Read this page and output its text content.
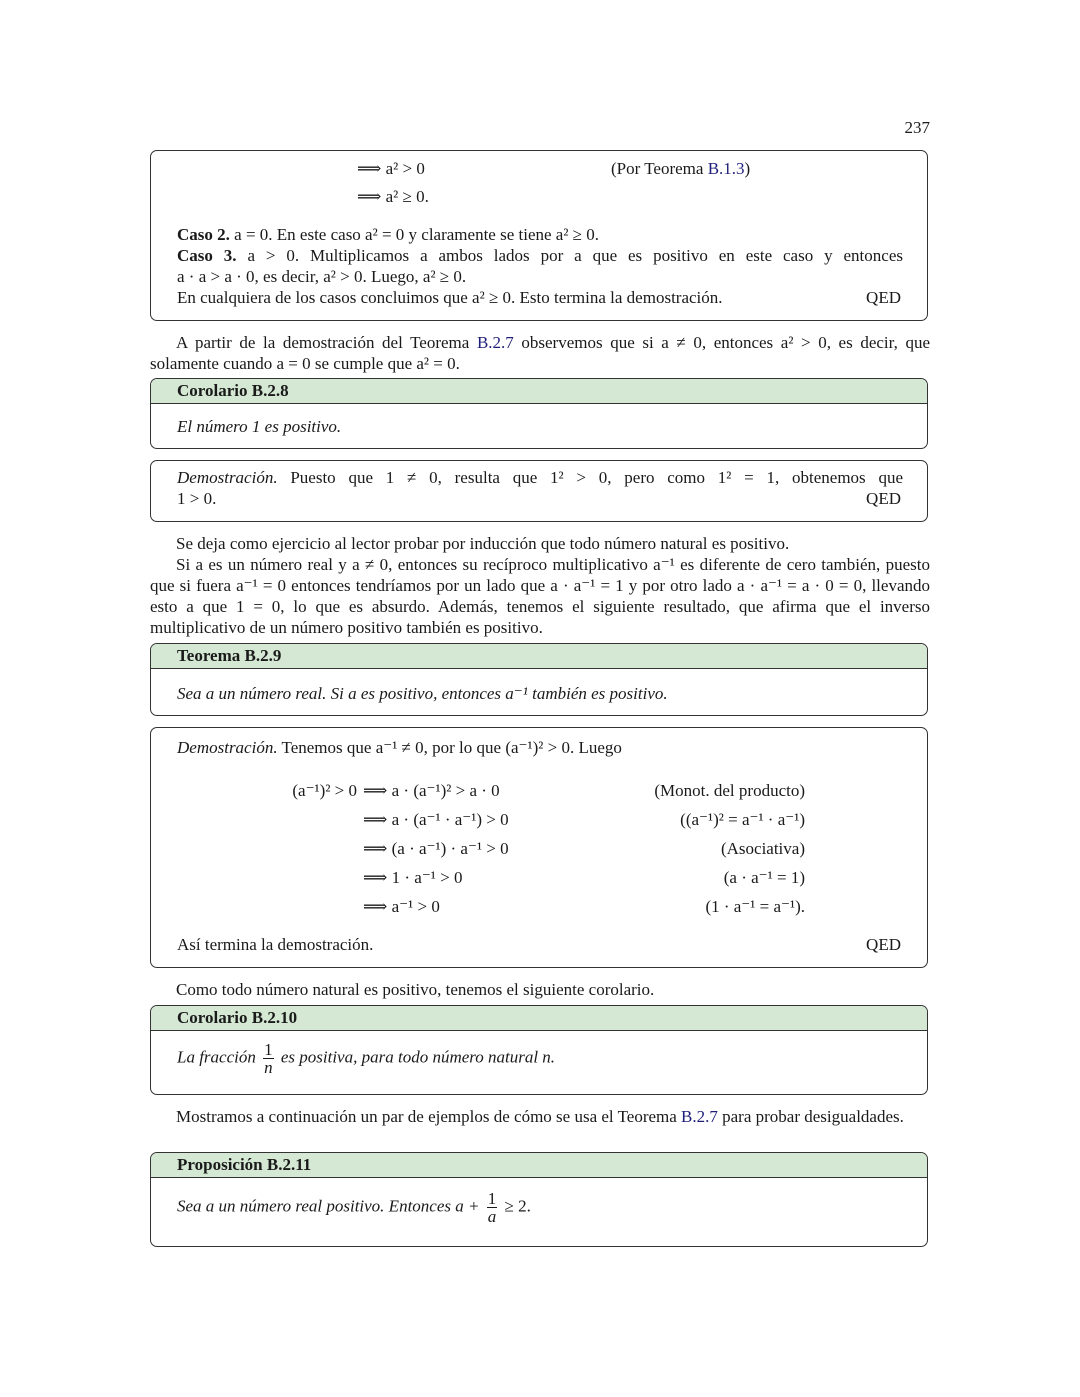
237
⟹ a² > 0	(Por Teorema B.1.3)
⟹ a² ≥ 0.
Caso 2. a = 0. En este caso a² = 0 y claramente se tiene a² ≥ 0.
Caso 3. a > 0. Multiplicamos a ambos lados por a que es positivo en este caso y entonces
a · a > a · 0, es decir, a² > 0. Luego, a² ≥ 0.
En cualquiera de los casos concluimos que a² ≥ 0. Esto termina la demostración.	QED
A partir de la demostración del Teorema B.2.7 observemos que si a ≠ 0, entonces a² > 0, es decir, que solamente cuando a = 0 se cumple que a² = 0.
Corolario B.2.8
El número 1 es positivo.
Demostración. Puesto que 1 ≠ 0, resulta que 1² > 0, pero como 1² = 1, obtenemos que
1 > 0.	QED
Se deja como ejercicio al lector probar por inducción que todo número natural es positivo.
Si a es un número real y a ≠ 0, entonces su recíproco multiplicativo a⁻¹ es diferente de cero también, puesto que si fuera a⁻¹ = 0 entonces tendríamos por un lado que a · a⁻¹ = 1 y por otro lado a · a⁻¹ = a · 0 = 0, llevando esto a que 1 = 0, lo que es absurdo. Además, tenemos el siguiente resultado, que afirma que el inverso multiplicativo de un número positivo también es positivo.
Teorema B.2.9
Sea a un número real. Si a es positivo, entonces a⁻¹ también es positivo.
Demostración. Tenemos que a⁻¹ ≠ 0, por lo que (a⁻¹)² > 0. Luego
(a⁻¹)² > 0 ⟹ a · (a⁻¹)² > a · 0	(Monot. del producto)
⟹ a · (a⁻¹ · a⁻¹) > 0	((a⁻¹)² = a⁻¹ · a⁻¹)
⟹ (a · a⁻¹) · a⁻¹ > 0	(Asociativa)
⟹ 1 · a⁻¹ > 0	(a · a⁻¹ = 1)
⟹ a⁻¹ > 0	(1 · a⁻¹ = a⁻¹).
Así termina la demostración.	QED
Como todo número natural es positivo, tenemos el siguiente corolario.
Corolario B.2.10
La fracción $\frac{1}{n}$ es positiva, para todo número natural n.
Mostramos a continuación un par de ejemplos de cómo se usa el Teorema B.2.7 para probar desigualdades.
Proposición B.2.11
Sea a un número real positivo. Entonces $a + \frac{1}{a} \ge 2$.
